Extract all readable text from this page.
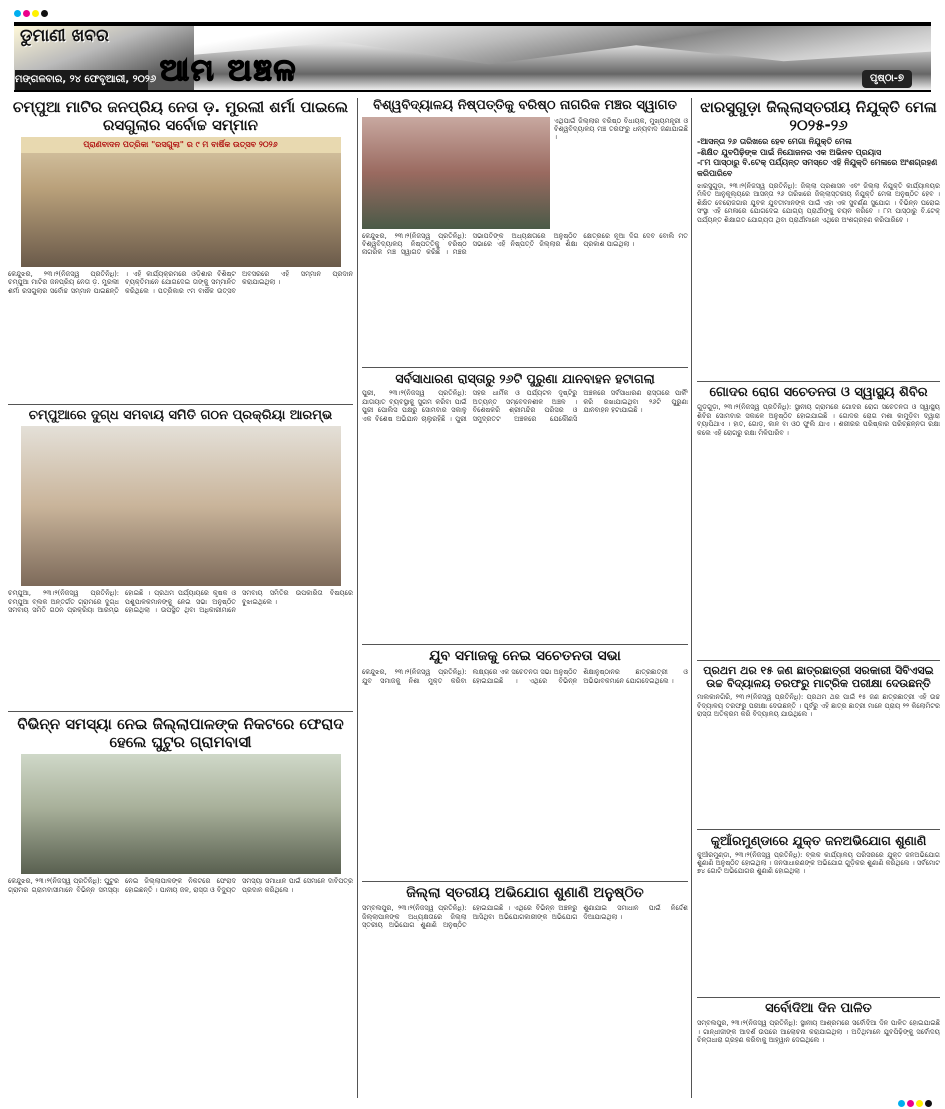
ଡୁମାଣୀ ଖବର
ମଙ୍ଗଳବାର, ୨୪ ଫେବୃଆରୀ, ୨୦୨୬ ଆମ ଅଞ୍ଚଳ	ପୃଷ୍ଠା-୭
ଚମ୍ପୁଆ ମାଟିର ଜନପ୍ରିୟ ନେତା ଡ଼. ମୁରଲୀ ଶର୍ମା ପାଇଲେ ରସଗୁଲାର ସର୍ବୋଚ୍ଚ ସମ୍ମାନ
ପ୍ରାଣବାଦନ ପତ୍ରିକା "ରସଗୁଲା" ର ୯ ମ ବାର୍ଷିକ ଉତ୍ସବ ୨୦୨୬
କେନ୍ଦୁଝର, ୨୩।୨(ନିଜସ୍ୱ ପ୍ରତିନିଧି): ଚମ୍ପୁଆ ମାଟିର ଜନପ୍ରିୟ ନେତା ଡ଼. ମୁରଲୀ ଶର୍ମା ରସଗୁଲାର ସର୍ବୋଚ୍ଚ ସମ୍ମାନ ପାଇଛନ୍ତି । ଏହି କାର୍ଯ୍ୟକ୍ରମରେ ଓଡ଼ିଶାର ବିଶିଷ୍ଟ ବ୍ୟକ୍ତିମାନେ ଯୋଗଦେଇ ତାଙ୍କୁ ସମ୍ମାନିତ କରିଥିଲେ । ପତ୍ରିକାର ୯ମ ବାର୍ଷିକ ଉତ୍ସବ ଅବସରରେ ଏହି ସମ୍ମାନ ପ୍ରଦାନ କରାଯାଇଥିଲା ।
ଚମ୍ପୁଆରେ ଦୁଗ୍ଧ ସମବାୟ ସମିତି ଗଠନ ପ୍ରକ୍ରିୟା ଆରମ୍ଭ
ଚମ୍ପୁଆ, ୨୩।୨(ନିଜସ୍ୱ ପ୍ରତିନିଧି): ଚମ୍ପୁଆ ବ୍ଲକ ଅନ୍ତର୍ଗତ ଗ୍ରାମରେ ଦୁଗ୍ଧ ସମବାୟ ସମିତି ଗଠନ ପ୍ରକ୍ରିୟା ଆରମ୍ଭ ହୋଇଛି । ପ୍ରଥମ ପର୍ଯ୍ୟାୟରେ କୃଷକ ଓ ପଶୁପାଳକମାନଙ୍କୁ ନେଇ ସଭା ଅନୁଷ୍ଠିତ ହୋଇଥିଲା । ଉପସ୍ଥିତ ଥିବା ଅଧିକାରୀମାନେ ସମବାୟ ସମିତିର ଉପକାରିତା ବିଷୟରେ ବୁଝାଇଥିଲେ ।
ବିଭିନ୍ନ ସମସ୍ୟା ନେଇ ଜିଲ୍ଲାପାଳଙ୍କ ନିକଟରେ ଫେରାଦ ହେଲେ ଘୁଟୁର ଗ୍ରାମବାସୀ
କେନ୍ଦୁଝର, ୨୩।୨(ନିଜସ୍ୱ ପ୍ରତିନିଧି): ଘୁଟୁର ଗ୍ରାମର ଗ୍ରାମବାସୀମାନେ ବିଭିନ୍ନ ସମସ୍ୟା ନେଇ ଜିଲ୍ଲାପାଳଙ୍କ ନିକଟରେ ଫେରାଦ ହୋଇଛନ୍ତି । ପାନୀୟ ଜଳ, ରାସ୍ତା ଓ ବିଦ୍ୟୁତ ସମସ୍ୟା ସମାଧାନ ପାଇଁ ସେମାନେ ଦାବିପତ୍ର ପ୍ରଦାନ କରିଥିଲେ ।
ବିଶ୍ୱବିଦ୍ୟାଳୟ ନିଷ୍ପତ୍ତିକୁ ବରିଷ୍ଠ ନାଗରିକ ମଞ୍ଚର ସ୍ୱାଗତ
ଏଥିପାଇଁ ଜିଲ୍ଲାର ବରିଷ୍ଠ ବିଧାୟକ, ମୁଖ୍ୟମନ୍ତ୍ରୀ ଓ ବିଶ୍ୱବିଦ୍ୟାଳୟ ମଞ୍ଚ ତରଫରୁ ଧନ୍ୟବାଦ ଜଣାଯାଇଛି ।
କେନ୍ଦୁଝର, ୨୩।୨(ନିଜସ୍ୱ ପ୍ରତିନିଧି): ବିଶ୍ୱବିଦ୍ୟାଳୟ ନିଷ୍ପତ୍ତିକୁ ବରିଷ୍ଠ ନାଗରିକ ମଞ୍ଚ ସ୍ୱାଗତ କରିଛି । ମଞ୍ଚର ସଭାପତିଙ୍କ ଅଧ୍ୟକ୍ଷତାରେ ଅନୁଷ୍ଠିତ ସଭାରେ ଏହି ନିଷ୍ପତ୍ତି ଜିଲ୍ଲାର ଶିକ୍ଷା କ୍ଷେତ୍ରରେ ନୂଆ ଦିଗ ଦେବ ବୋଲି ମତ ପ୍ରକାଶ ପାଇଥିଲା ।
ସର୍ବସାଧାରଣ ରାସ୍ତାରୁ ୨୬ଟି ପୁରୁଣା ଯାନବାହନ ହଟାଗଲା
ପୁରୀ, ୨୩।୨(ନିଜସ୍ୱ ପ୍ରତିନିଧି): ଯାତାୟାତ ବ୍ୟବସ୍ଥାକୁ ସୁଗମ କରିବା ପାଇଁ ପୁରୀ ପୋଲିସ ପକ୍ଷରୁ ସୋମବାର ସକାଳୁ ଏକ ବିଶେଷ ଅଭିଯାନ ଚାଲୁରହିଛି । ପୁରୀ ସହର ଧାର୍ମିକ ଓ ପର୍ଯ୍ୟଟନ ଦୃଷ୍ଟିରୁ ଅତ୍ୟନ୍ତ ସମ୍ବେଦନଶୀଳ ଅଞ୍ଚଳ । ବିଶେଷକରି ଶ୍ରୀମନ୍ଦିର ପରିସର ଓ ସମୁଦ୍ରତଟ ଅଞ୍ଚଳରେ ଯେକୌଣସି ଅଞ୍ଚଳରେ ସର୍ବସାଧାରଣ ରାସ୍ତାରେ ପାର୍କିଂ କରି ରଖାଯାଇଥିବା ୨୬ଟି ପୁରୁଣା ଯାନବାହନ ହଟାଯାଇଛି ।
ଯୁବ ସମାଜକୁ ନେଇ ସଚେତନତା ସଭା
କେନ୍ଦୁଝର, ୨୩।୨(ନିଜସ୍ୱ ପ୍ରତିନିଧି): ଯୁବ ସମାଜକୁ ନିଶା ମୁକ୍ତ କରିବା ଲକ୍ଷ୍ୟରେ ଏକ ସଚେତନତା ସଭା ଅନୁଷ୍ଠିତ ହୋଇଯାଇଛି । ଏଥିରେ ବିଭିନ୍ନ ଶିକ୍ଷାନୁଷ୍ଠାନର ଛାତ୍ରଛାତ୍ରୀ ଓ ଅଭିଭାବକମାନେ ଯୋଗଦେଇଥିଲେ ।
ଜିଲ୍ଲା ସ୍ତରୀୟ ଅଭିଯୋଗ ଶୁଣାଣି ଅନୁଷ୍ଠିତ
ସମ୍ବଲପୁର, ୨୩।୨(ନିଜସ୍ୱ ପ୍ରତିନିଧି): ଜିଲ୍ଲାପାଳଙ୍କ ଅଧ୍ୟକ୍ଷତାରେ ଜିଲ୍ଲା ସ୍ତରୀୟ ଅଭିଯୋଗ ଶୁଣାଣି ଅନୁଷ୍ଠିତ ହୋଇଯାଇଛି । ଏଥିରେ ବିଭିନ୍ନ ଅଞ୍ଚଳରୁ ଆସିଥିବା ଅଭିଯୋଗକାରୀଙ୍କ ଅଭିଯୋଗ ଶୁଣାଯାଇ ସମାଧାନ ପାଇଁ ନିର୍ଦ୍ଦେଶ ଦିଆଯାଇଥିଲା ।
ଝାରସୁଗୁଡ଼ା ଜିଲ୍ଲାସ୍ତରୀୟ ନିଯୁକ୍ତି ମେଳା ୨୦୨୫-୨୬
-ଆସନ୍ତା ୨୬ ତାରିଖରେ ହେବ ମେଗା ନିଯୁକ୍ତି ମେଳା
-ଶିକ୍ଷିତ ଯୁବପିଢ଼ିଙ୍କ ପାଇଁ ନିଯୋଜନର ଏକ ଅଭିନବ ପ୍ରୟାସ
-୮ମ ପାସ୍‌ଠାରୁ ବି.ଟେକ୍ ପର୍ଯ୍ୟନ୍ତ ସମସ୍ତେ ଏହି ନିଯୁକ୍ତି ମେଳାରେ ଅଂଶଗ୍ରହଣ କରିପାରିବେ
ଝାରସୁଗୁଡ଼ା, ୨୩।୨(ନିଜସ୍ୱ ପ୍ରତିନିଧି): ଜିଲ୍ଲା ପ୍ରଶାସନ ଏବଂ ଜିଲ୍ଲା ନିଯୁକ୍ତି କାର୍ଯ୍ୟାଳୟର ମିଳିତ ଆନୁକୂଲ୍ୟରେ ଆସନ୍ତା ୨୬ ତାରିଖରେ ଜିଲ୍ଲାସ୍ତରୀୟ ନିଯୁକ୍ତି ମେଳା ଅନୁଷ୍ଠିତ ହେବ । ଶିକ୍ଷିତ ବେରୋଜଗାର ଯୁବକ ଯୁବତୀମାନଙ୍କ ପାଇଁ ଏହା ଏକ ସୁବର୍ଣ୍ଣ ସୁଯୋଗ । ବିଭିନ୍ନ ଘରୋଇ ସଂସ୍ଥା ଏହି ମେଳାରେ ଯୋଗଦେଇ ଯୋଗ୍ୟ ପ୍ରାର୍ଥୀଙ୍କୁ ଚୟନ କରିବେ । ୮ମ ପାସ୍‌ଠାରୁ ବି.ଟେକ୍ ପର୍ଯ୍ୟନ୍ତ ଶିକ୍ଷାଗତ ଯୋଗ୍ୟତା ଥିବା ପ୍ରାର୍ଥୀମାନେ ଏଥିରେ ଅଂଶଗ୍ରହଣ କରିପାରିବେ ।
ଗୋଦର ରୋଗ ସଚେତନତା ଓ ସ୍ୱାସ୍ଥ୍ୟ ଶିବିର
ଗୁଡ଼ଗୁଡ଼ା, ୨୩।୨(ନିଜସ୍ୱ ପ୍ରତିନିଧି): ସ୍ଥାନୀୟ ଗ୍ରାମରେ ଗୋଦର ରୋଗ ସଚେତନତା ଓ ସ୍ୱାସ୍ଥ୍ୟ ଶିବିର ସୋମବାର ସକାଳେ ଅନୁଷ୍ଠିତ ହୋଇଯାଇଛି । ଗୋଦର ରୋଗ ମଶା କାମୁଡ଼ିବା ଦ୍ୱାରା ବ୍ୟାପିଥାଏ । ହାତ, ଗୋଡ଼, କାନ ବା ଓଠ ଫୁଲି ଯାଏ । ଶରୀରର ପରିଷ୍କାର ପରିଚ୍ଛନ୍ନତା ରକ୍ଷା କଲେ ଏହି ରୋଗରୁ ରକ୍ଷା ମିଳିପାରିବ ।
ପ୍ରଥମ ଥର ୧୫ ଜଣ ଛାତ୍ରଛାତ୍ରୀ ସରକାରୀ ସିବିଏସଇ ଉଚ୍ଚ ବିଦ୍ୟାଳୟ ତରଫରୁ ମାଟ୍ରିକ ପରୀକ୍ଷା ଦେଉଛନ୍ତି
ମାଲକାନଗିରି, ୨୩।୨(ନିଜସ୍ୱ ପ୍ରତିନିଧି): ପ୍ରଥମ ଥର ପାଇଁ ୧୫ ଜଣ ଛାତ୍ରଛାତ୍ରୀ ଏହି ଉଚ୍ଚ ବିଦ୍ୟାଳୟ ତରଫରୁ ପରୀକ୍ଷା ଦେଉଛନ୍ତି । ପୂର୍ବରୁ ଏହି ଛାତ୍ର ଛାତ୍ରୀ ମାନେ ପ୍ରାୟ ୨୨ କିଲୋମିଟର ରାସ୍ତା ଅତିକ୍ରମ କରି ବିଦ୍ୟାଳୟ ଯାଉଥିଲେ ।
କୁଆଁରମୁଣ୍ଡାରେ ଯୁକ୍ତ ଜନଅଭିଯୋଗ ଶୁଣାଣି
କୁଆଁରମୁଣ୍ଡା, ୨୩।୨(ନିଜସ୍ୱ ପ୍ରତିନିଧି): ବ୍ଲକ କାର୍ଯ୍ୟାଳୟ ପରିସରରେ ଯୁକ୍ତ ଜନଅଭିଯୋଗ ଶୁଣାଣି ଅନୁଷ୍ଠିତ ହୋଇଥିଲା । ଜନସାଧାରଣଙ୍କ ଅଭିଯୋଗ ଗୁଡ଼ିକର ଶୁଣାଣି କରିଥିଲେ । ସର୍ବମୋଟ ୭୪ ଗୋଟି ଅଭିଯୋଗର ଶୁଣାଣି ହୋଇଥିଲା ।
ସର୍ବୋଦିଆ ଦିନ ପାଳିତ
ସମ୍ବଲପୁର, ୨୩।୨(ନିଜସ୍ୱ ପ୍ରତିନିଧି): ସ୍ଥାନୀୟ ଆଶ୍ରମରେ ସର୍ବୋଦିଆ ଦିନ ପାଳିତ ହୋଇଯାଇଛି । ଗାନ୍ଧୀଜୀଙ୍କ ଆଦର୍ଶ ଉପରେ ଆଲୋଚନା କରାଯାଇଥିଲା । ଅତିଥିମାନେ ଯୁବପିଢ଼ିଙ୍କୁ ସର୍ବୋଦୟ ଚିନ୍ତାଧାରା ଗ୍ରହଣ କରିବାକୁ ଆହ୍ୱାନ ଦେଇଥିଲେ ।
